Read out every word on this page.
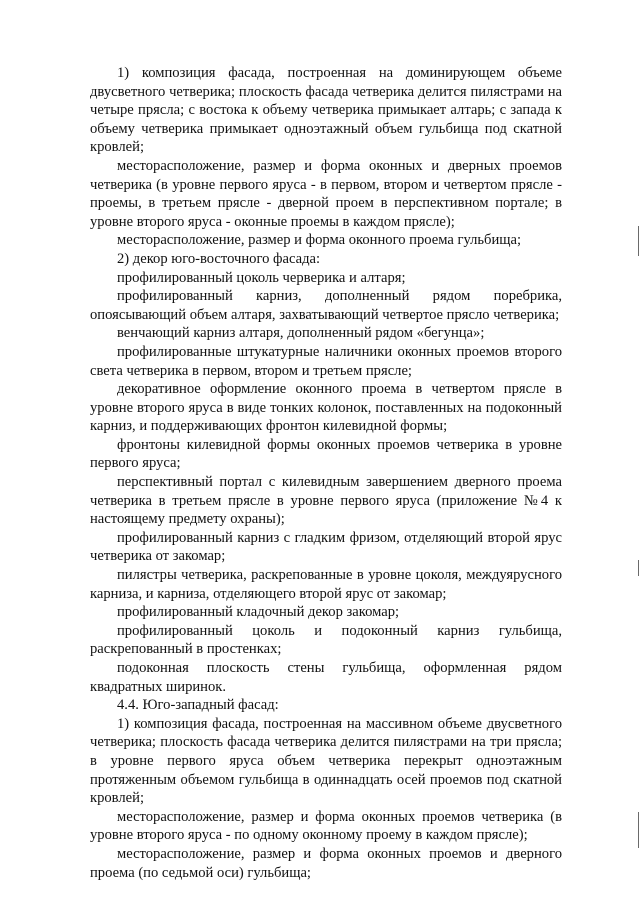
1) композиция фасада, построенная на доминирующем объеме двусветного четверика; плоскость фасада четверика делится пилястрами на четыре прясла; с востока к объему четверика примыкает алтарь; с запада к объему четверика примыкает одноэтажный объем гульбища под скатной кровлей;

месторасположение, размер и форма оконных и дверных проемов четверика (в уровне первого яруса - в первом, втором и четвертом прясле - проемы, в третьем прясле - дверной проем в перспективном портале; в уровне второго яруса - оконные проемы в каждом прясле);

месторасположение, размер и форма оконного проема гульбища;

2) декор юго-восточного фасада:

профилированный цоколь черверика и алтаря;

профилированный карниз, дополненный рядом поребрика, опоясывающий объем алтаря, захватывающий четвертое прясло четверика;

венчающий карниз алтаря, дополненный рядом «бегунца»;

профилированные штукатурные наличники оконных проемов второго света четверика в первом, втором и третьем прясле;

декоративное оформление оконного проема в четвертом прясле в уровне второго яруса в виде тонких колонок, поставленных на подоконный карниз, и поддерживающих фронтон килевидной формы;

фронтоны килевидной формы оконных проемов четверика в уровне первого яруса;

перспективный портал с килевидным завершением дверного проема четверика в третьем прясле в уровне первого яруса (приложение №4 к настоящему предмету охраны);

профилированный карниз с гладким фризом, отделяющий второй ярус четверика от закомар;

пилястры четверика, раскрепованные в уровне цоколя, междуярусного карниза, и карниза, отделяющего второй ярус от закомар;

профилированный кладочный декор закомар;

профилированный цоколь и подоконный карниз гульбища, раскрепованный в простенках;

подоконная плоскость стены гульбища, оформленная рядом квадратных ширинок.

4.4. Юго-западный фасад:

1) композиция фасада, построенная на массивном объеме двусветного четверика; плоскость фасада четверика делится пилястрами на три прясла; в уровне первого яруса объем четверика перекрыт одноэтажным протяженным объемом гульбища в одиннадцать осей проемов под скатной кровлей;

месторасположение, размер и форма оконных проемов четверика (в уровне второго яруса - по одному оконному проему в каждом прясле);

месторасположение, размер и форма оконных проемов и дверного проема (по седьмой оси) гульбища;
